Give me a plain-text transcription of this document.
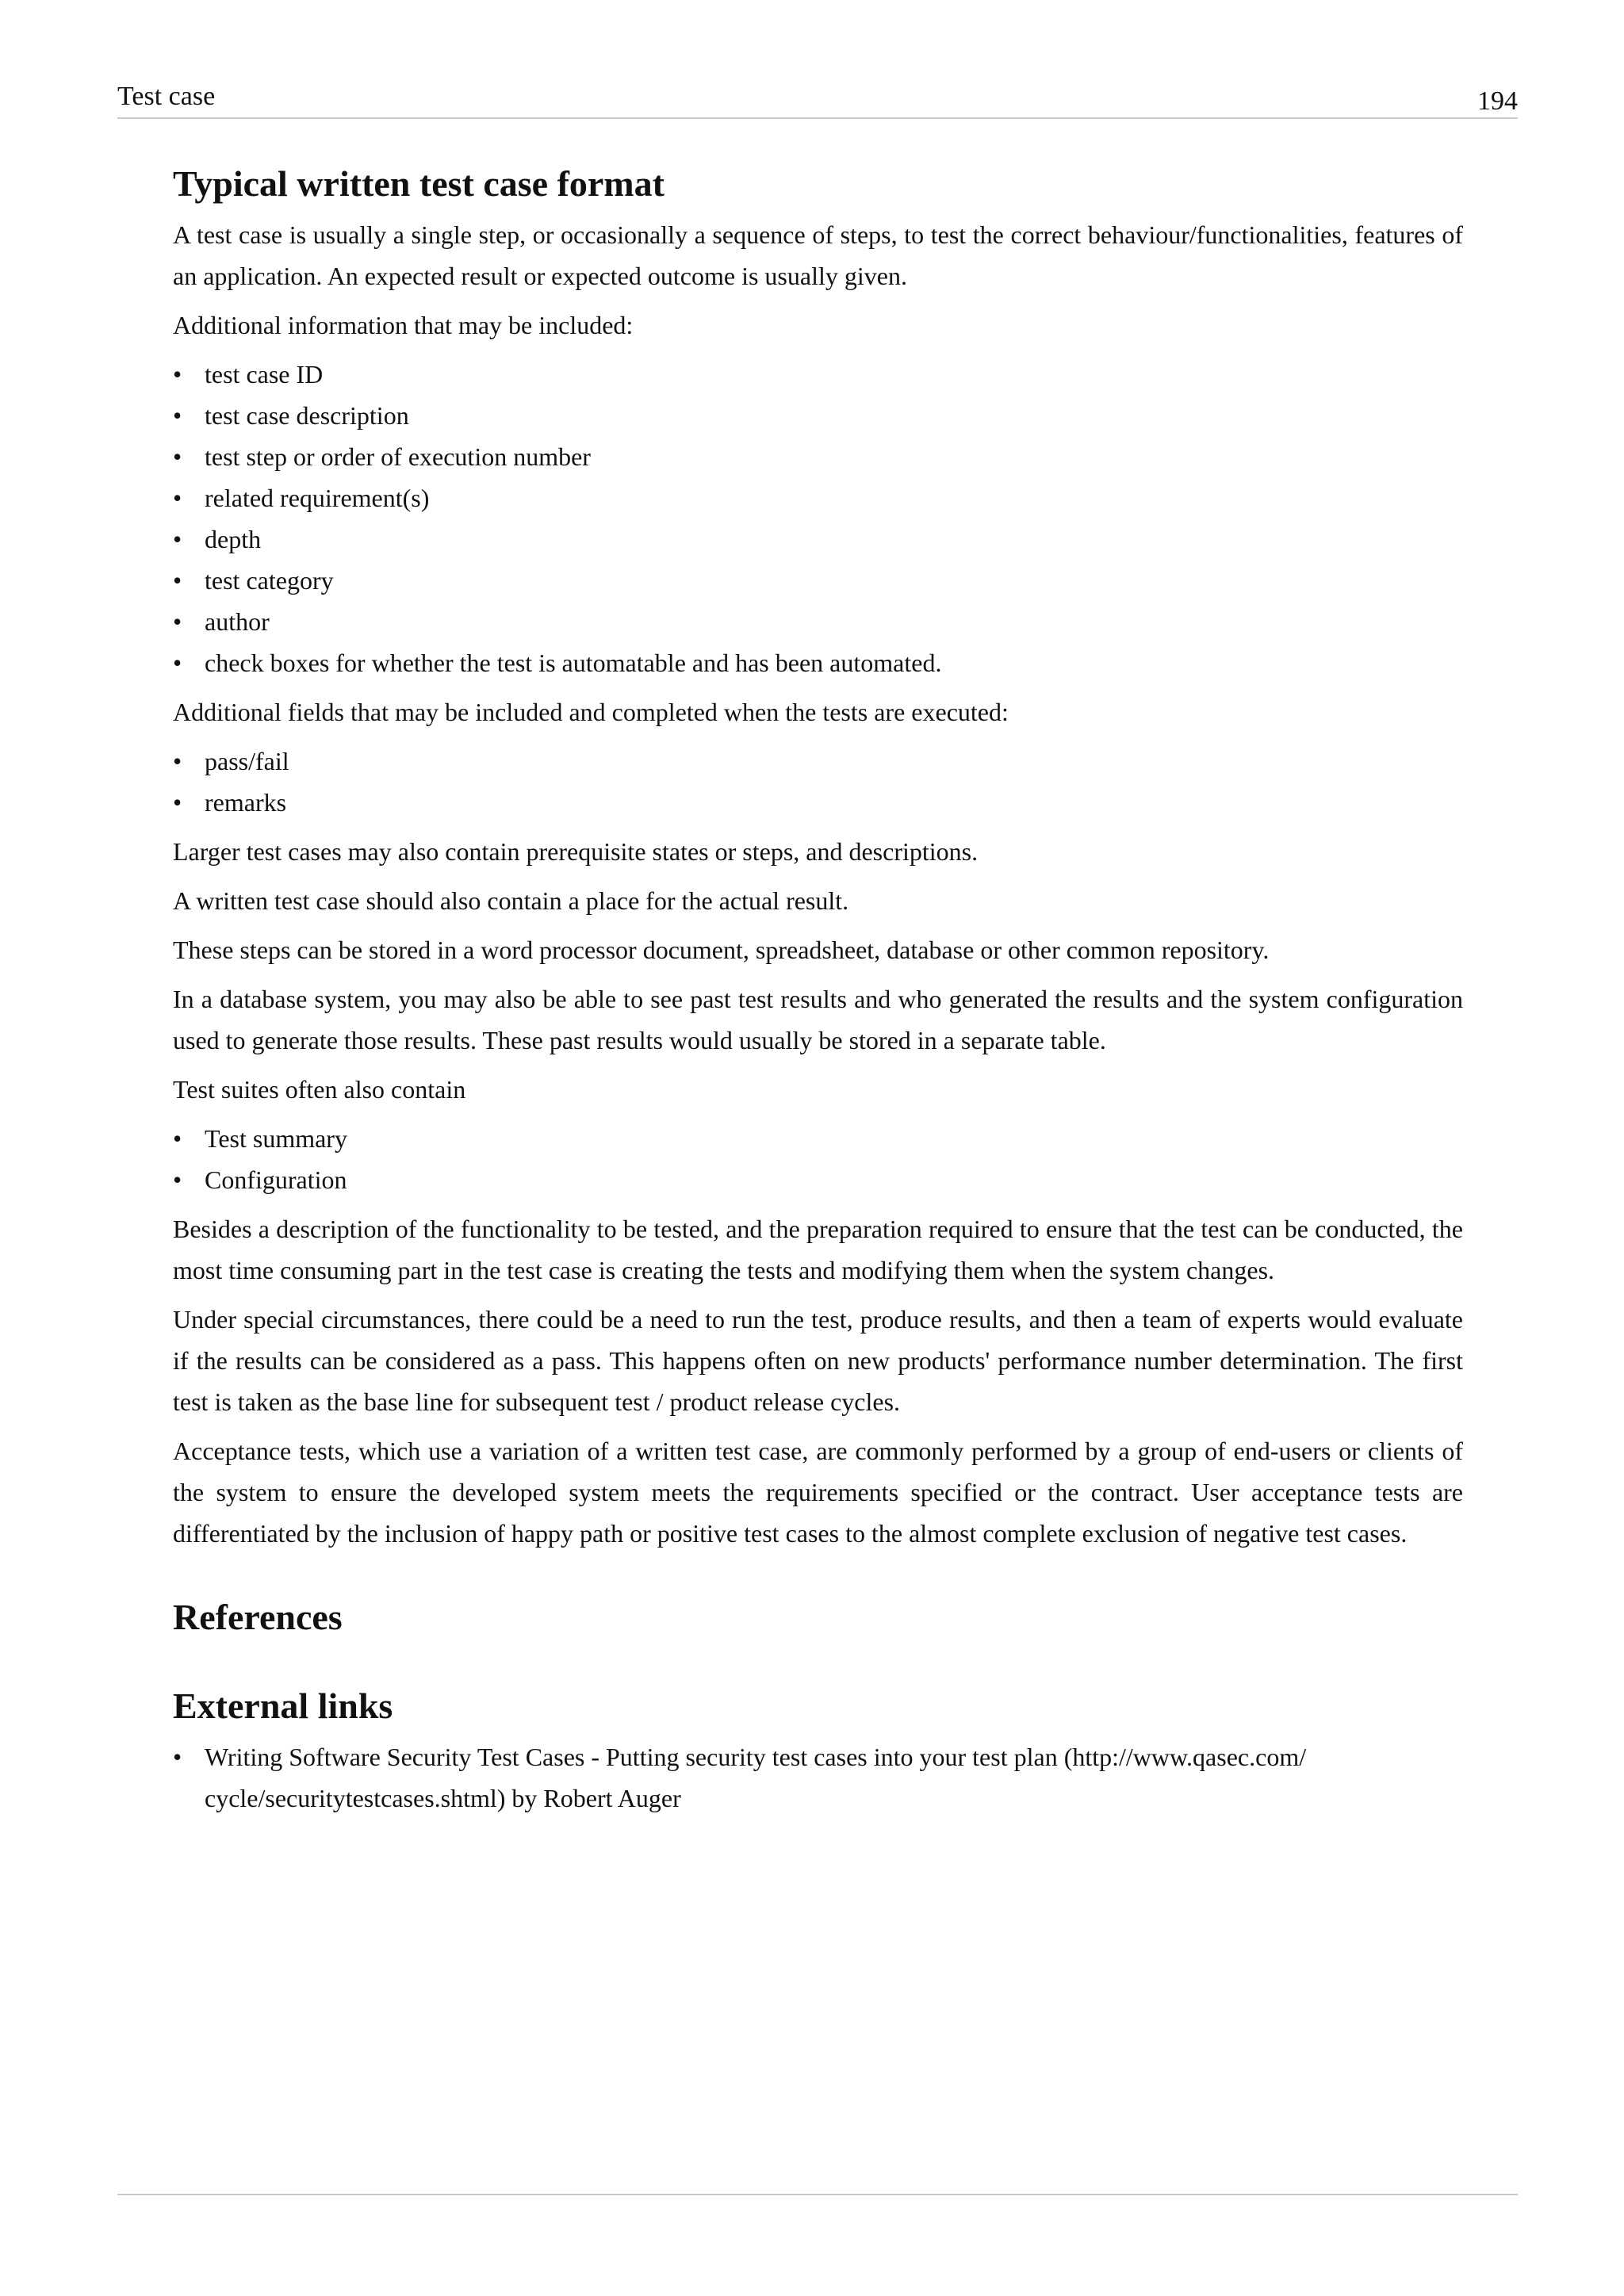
Test case	194
Typical written test case format

A test case is usually a single step, or occasionally a sequence of steps, to test the correct behaviour/functionalities, features of an application. An expected result or expected outcome is usually given.

Additional information that may be included:

• test case ID
• test case description
• test step or order of execution number
• related requirement(s)
• depth
• test category
• author
• check boxes for whether the test is automatable and has been automated.

Additional fields that may be included and completed when the tests are executed:

• pass/fail
• remarks

Larger test cases may also contain prerequisite states or steps, and descriptions.

A written test case should also contain a place for the actual result.

These steps can be stored in a word processor document, spreadsheet, database or other common repository.

In a database system, you may also be able to see past test results and who generated the results and the system configuration used to generate those results. These past results would usually be stored in a separate table.

Test suites often also contain

• Test summary
• Configuration

Besides a description of the functionality to be tested, and the preparation required to ensure that the test can be conducted, the most time consuming part in the test case is creating the tests and modifying them when the system changes.

Under special circumstances, there could be a need to run the test, produce results, and then a team of experts would evaluate if the results can be considered as a pass. This happens often on new products' performance number determination. The first test is taken as the base line for subsequent test / product release cycles.

Acceptance tests, which use a variation of a written test case, are commonly performed by a group of end-users or clients of the system to ensure the developed system meets the requirements specified or the contract. User acceptance tests are differentiated by the inclusion of happy path or positive test cases to the almost complete exclusion of negative test cases.

References
External links
• Writing Software Security Test Cases - Putting security test cases into your test plan (http://www.qasec.com/ cycle/securitytestcases.shtml) by Robert Auger
